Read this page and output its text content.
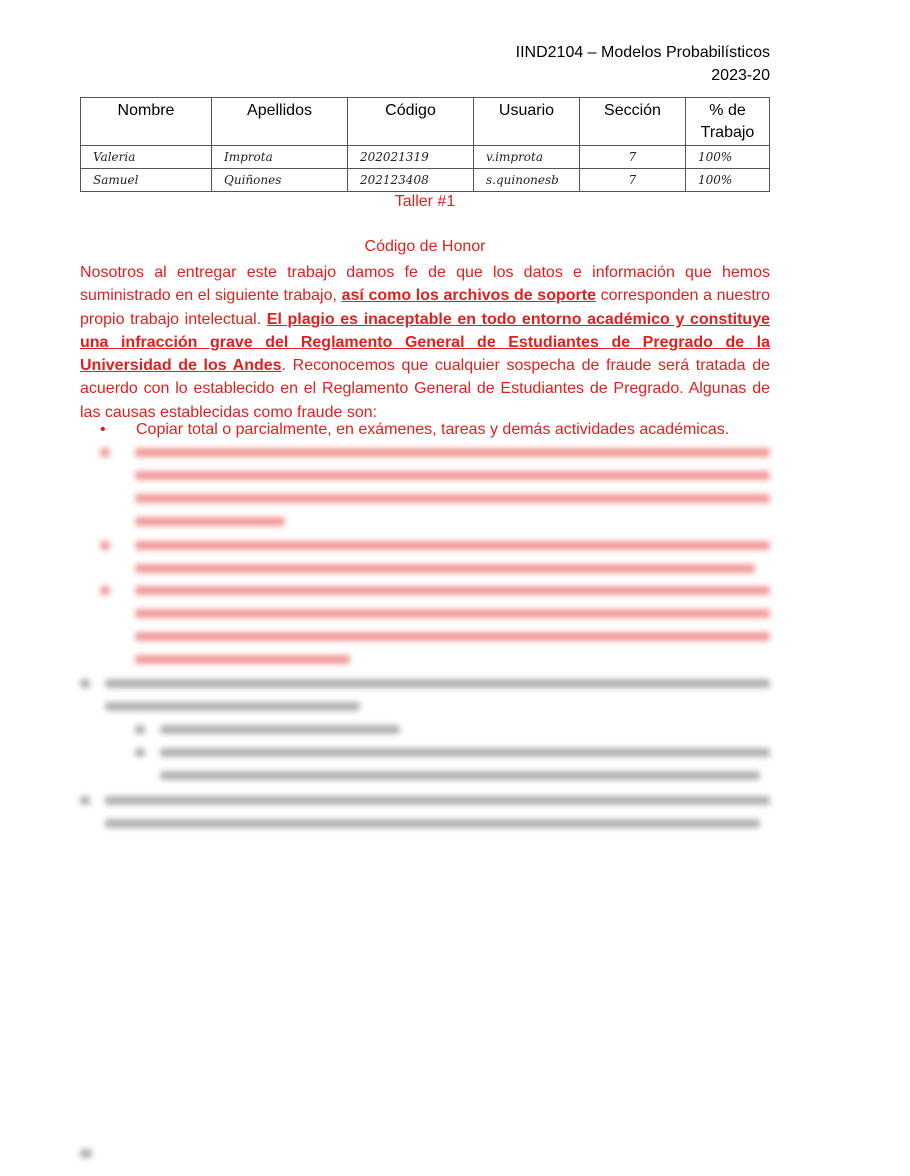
IIND2104 – Modelos Probabilísticos
2023-20
Nombre	Apellidos	Código	Usuario	Sección	% de Trabajo
Valeria	Improta	202021319	v.improta	7	100%
Samuel	Quiñones	202123408	s.quinonesb	7	100%
Taller #1
Código de Honor
Nosotros al entregar este trabajo damos fe de que los datos e información que hemos suministrado en el siguiente trabajo, así como los archivos de soporte corresponden a nuestro propio trabajo intelectual. El plagio es inaceptable en todo entorno académico y constituye una infracción grave del Reglamento General de Estudiantes de Pregrado de la Universidad de los Andes. Reconocemos que cualquier sospecha de fraude será tratada de acuerdo con lo establecido en el Reglamento General de Estudiantes de Pregrado. Algunas de las causas establecidas como fraude son:
• Copiar total o parcialmente, en exámenes, tareas y demás actividades académicas.
